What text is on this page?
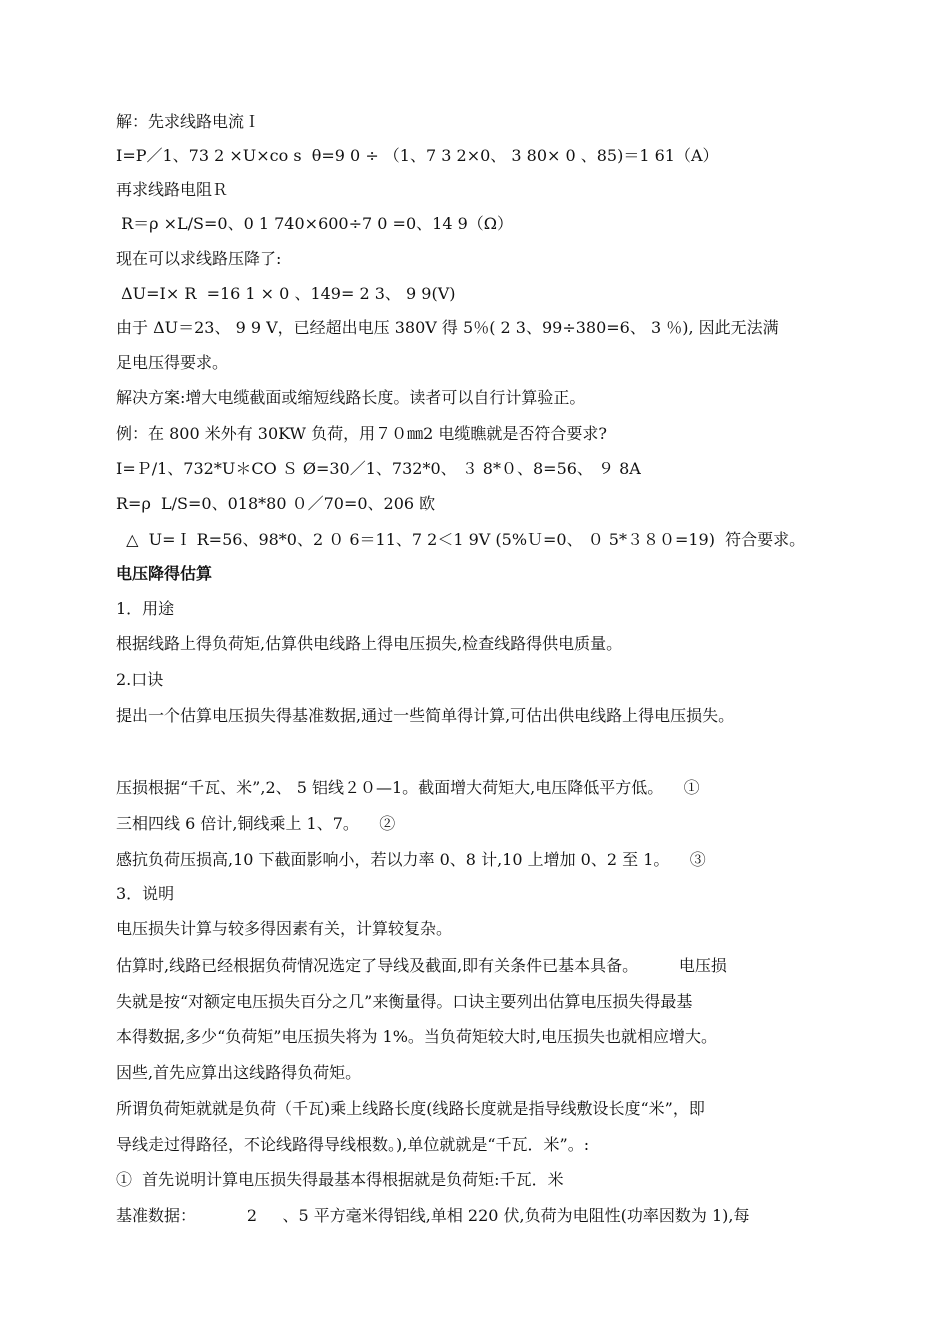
解：先求线路电流Ｉ
I=P／1、73 2 ×U×co s  θ=9 0 ÷ （1、7 3 2×0、 3 80× 0 、85)＝1 61（A）
再求线路电阻Ｒ
R＝ρ ×L/S=0、0 1 740×600÷7 0 =0、14 9（Ω）
现在可以求线路压降了:
ΔU=I× R  =16 1 × 0 、149= 2 3、 9 9(V)
由于 ΔU＝23、 9 9 V，已经超出电压 380V 得 5％( 2 3、99÷380=6、 3 ％), 因此无法满
足电压得要求。
解决方案:增大电缆截面或缩短线路长度。读者可以自行计算验正。
例：在 800 米外有 30KW 负荷，用７０㎜2 电缆瞧就是否符合要求?
I=Ｐ/1、732*U＊CO Ｓ Ø=30／1、732*0、 ３ 8*０、8=56、 ９ 8A
R=ρ  L/S=0、018*80 ０／70=0、206 欧
△  U=Ｉ R=56、98*0、2 ０ 6＝11、7 2＜1 9V (5%Ｕ=0、 ０ 5*３８０=19)  符合要求。
电压降得估算
1．用途
根据线路上得负荷矩,估算供电线路上得电压损失,检查线路得供电质量。
2.口诀
提出一个估算电压损失得基准数据,通过一些简单得计算,可估出供电线路上得电压损失。
压损根据“千瓦、米”,2、 5 铝线２０—1。截面增大荷矩大,电压降低平方低。    ①
三相四线 6 倍计,铜线乘上 1、7。    ②
感抗负荷压损高,10 下截面影响小，若以力率 0、8 计,10 上增加 0、2 至 1。    ③
3．说明
电压损失计算与较多得因素有关，计算较复杂。
估算时,线路已经根据负荷情况选定了导线及截面,即有关条件已基本具备。        电压损
失就是按“对额定电压损失百分之几”来衡量得。口诀主要列出估算电压损失得最基
本得数据,多少“负荷矩”电压损失将为 1%。当负荷矩较大时,电压损失也就相应增大。
因些,首先应算出这线路得负荷矩。
所谓负荷矩就就是负荷（千瓦)乘上线路长度(线路长度就是指导线敷设长度“米”，即
导线走过得路径，不论线路得导线根数。),单位就就是“千瓦．米”。:
①  首先说明计算电压损失得最基本得根据就是负荷矩:千瓦．米
基准数据：          2     、5 平方毫米得铝线,单相 220 伏,负荷为电阻性(功率因数为 1),每
